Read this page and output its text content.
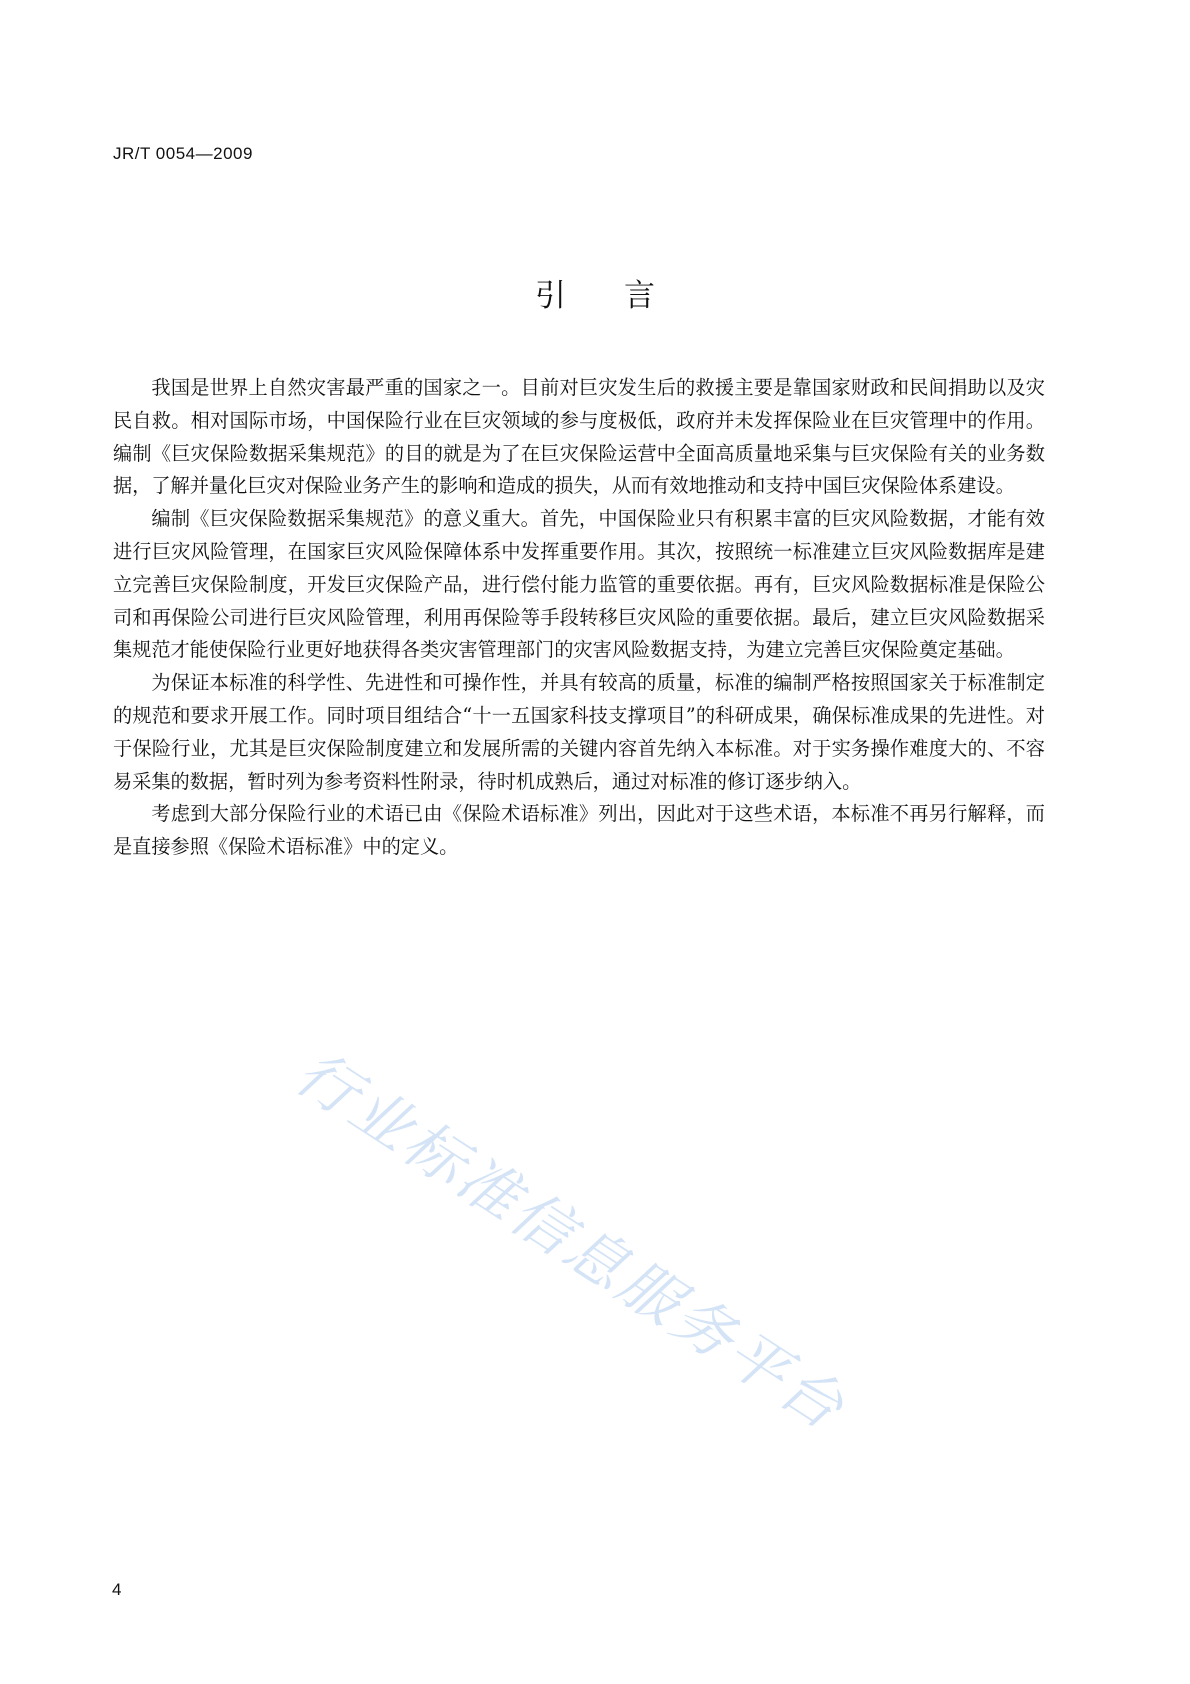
JR/T 0054—2009
引言

我国是世界上自然灾害最严重的国家之一。目前对巨灾发生后的救援主要是靠国家财政和民间捐助以及灾民自救。相对国际市场，中国保险行业在巨灾领域的参与度极低，政府并未发挥保险业在巨灾管理中的作用。编制《巨灾保险数据采集规范》的目的就是为了在巨灾保险运营中全面高质量地采集与巨灾保险有关的业务数据，了解并量化巨灾对保险业务产生的影响和造成的损失，从而有效地推动和支持中国巨灾保险体系建设。

编制《巨灾保险数据采集规范》的意义重大。首先，中国保险业只有积累丰富的巨灾风险数据，才能有效进行巨灾风险管理，在国家巨灾风险保障体系中发挥重要作用。其次，按照统一标准建立巨灾风险数据库是建立完善巨灾保险制度，开发巨灾保险产品，进行偿付能力监管的重要依据。再有，巨灾风险数据标准是保险公司和再保险公司进行巨灾风险管理，利用再保险等手段转移巨灾风险的重要依据。最后，建立巨灾风险数据采集规范才能使保险行业更好地获得各类灾害管理部门的灾害风险数据支持，为建立完善巨灾保险奠定基础。

为保证本标准的科学性、先进性和可操作性，并具有较高的质量，标准的编制严格按照国家关于标准制定的规范和要求开展工作。同时项目组结合“十一五国家科技支撑项目”的科研成果，确保标准成果的先进性。对于保险行业，尤其是巨灾保险制度建立和发展所需的关键内容首先纳入本标准。对于实务操作难度大的、不容易采集的数据，暂时列为参考资料性附录，待时机成熟后，通过对标准的修订逐步纳入。

考虑到大部分保险行业的术语已由《保险术语标准》列出，因此对于这些术语，本标准不再另行解释，而是直接参照《保险术语标准》中的定义。

行业标准信息服务平台
4
